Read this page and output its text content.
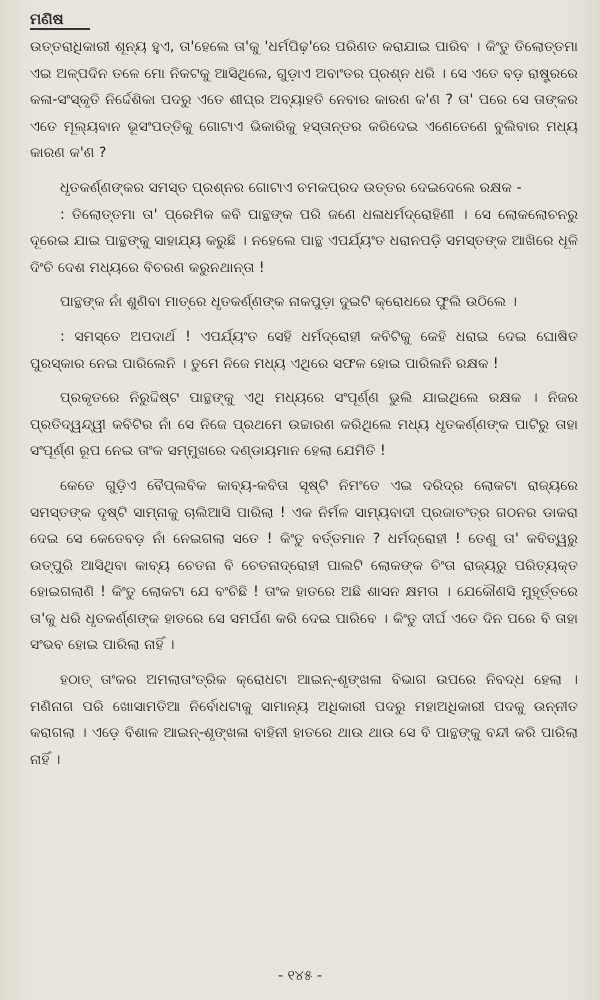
ମଣିଷ

ଉତ୍ତରାଧିକାରୀ ଶୂନ୍ୟ ହୁଏ, ତା'ହେଲେ ତା'କୁ 'ଧର୍ମପିଢ଼'ରେ ପରିଣତ କରାଯାଇ ପାରିବ । କିଂତୁ ତିଲୋତ୍ତମା ଏଇ ଅଳ୍ପଦିନ ତଳେ ମୋ ନିକଟକୁ ଆସିଥିଲେ, ଗୁଡ଼ାଏ ଅବାଂତର ପ୍ରଶ୍ନ ଧରି । ସେ ଏତେ ବଡ଼ ରାଷ୍ଟ୍ରରେ କଳା-ସଂସ୍କୃତି ନିର୍ଦ୍ଦେଶିକା ପଦରୁ ଏତେ ଶୀଘ୍ର ଅବ୍ୟାହତି ନେବାର କାରଣ କ'ଣ ? ତା' ପରେ ସେ ତାଙ୍କର ଏତେ ମୂଲ୍ୟବାନ ଭୂସଂପତ୍ତିକୁ ଗୋଟାଏ ଭିକାରିକୁ ହସ୍ତାନ୍ତର କରିଦେଇ ଏଣେତେଣେ ବୁଲିବାର ମଧ୍ୟ କାରଣ କ'ଣ ?

ଧୃତକର୍ଣ୍ଣଙ୍କର ସମସ୍ତ ପ୍ରଶ୍ନର ଗୋଟାଏ ଚମକପ୍ରଦ ଉତ୍ତର ଦେଇଦେଲେ ରକ୍ଷକ -

: ତିଲୋତ୍ତମା ତା' ପ୍ରେମିକ କବି ପାନ୍ଥଙ୍କ ପରି ଜଣେ ଧଳାଧର୍ମଦ୍ରୋହିଣୀ । ସେ ଲୋକଲୋଚନରୁ ଦୂରେଇ ଯାଇ ପାନ୍ଥଙ୍କୁ ସାହାଯ୍ୟ କରୁଛି । ନହେଲେ ପାନ୍ଥ ଏପର୍ଯ୍ୟଂତ ଧରାନପଡ଼ି ସମସ୍ତଙ୍କ ଆଖିରେ ଧୂଳି ଦିଂଚି ଦେଶ ମଧ୍ୟରେ ବିଚରଣ କରୁନଥାନ୍ତା !

ପାନ୍ଥଙ୍କ ନାଁ ଶୁଣିବା ମାତ୍ରେ ଧୃତକର୍ଣ୍ଣଙ୍କ ନାକପୁଡ଼ା ଦୁଇଟି କ୍ରୋଧରେ ଫୁଲି ଉଠିଲେ ।

: ସମସ୍ତେ ଅପଦାର୍ଥ ! ଏପର୍ଯ୍ୟଂତ ସେହି ଧର୍ମଦ୍ରୋହୀ କବିଟିକୁ କେହି ଧରାଇ ଦେଇ ଘୋଷିତ ପୁରସ୍କାର ନେଇ ପାରିଲେନି । ତୁମେ ନିଜେ ମଧ୍ୟ ଏଥିରେ ସଫଳ ହୋଇ ପାରିଲନି ରକ୍ଷକ !

ପ୍ରକୃତରେ ନିରୁଦ୍ଦିଷ୍ଟ ପାନ୍ଥଙ୍କୁ ଏଥି ମଧ୍ୟରେ ସଂପୂର୍ଣ୍ଣ ଭୁଲି ଯାଇଥିଲେ ରକ୍ଷକ । ନିଜର ପ୍ରତିଦ୍ୱନ୍ଦ୍ୱୀ କବିଟିର ନାଁ ସେ ନିଜେ ପ୍ରଥମେ ଉଚ୍ଚାରଣ କରିଥିଲେ ମଧ୍ୟ ଧୃତକର୍ଣ୍ଣଙ୍କ ପାଟିରୁ ତାହା ସଂପୂର୍ଣ୍ଣ ରୂପ ନେଇ ତାଂକ ସମ୍ମୁଖରେ ଦଣ୍ଡାୟମାନ ହେଲା ଯେମିତି !

କେତେ ଗୁଡ଼ିଏ ବୈପ୍ଲବିକ କାବ୍ୟ-କବିତା ସୃଷ୍ଟି ନିମଂତେ ଏଇ ଦରିଦ୍ର ଲୋକଟା ରାଜ୍ୟରେ ସମସ୍ତଙ୍କ ଦୃଷ୍ଟି ସାମ୍ନାକୁ ଚାଲିଆସି ପାରିଲା ! ଏକ ନିର୍ମଳ ସାମ୍ୟବାଦୀ ପ୍ରଜାତଂତ୍ର ଗଠନର ଡାକରା ଦେଇ ସେ କେତେବଡ଼ ନାଁ ନେଇଗଲା ସତେ ! କିଂତୁ ବର୍ତ୍ତମାନ ? ଧର୍ମଦ୍ରୋହୀ ! ତେଣୁ ତା' କବିତ୍ୱରୁ ଉତ୍ପୁରି ଆସିଥିବା କାବ୍ୟ ଚେତନା ବି ଚେତନାଦ୍ରୋହୀ ପାଲଟି ଲୋକଙ୍କ ଚିଂତା ରାଜ୍ୟରୁ ପରିତ୍ୟକ୍ତ ହୋଇଗଲାଣି ! କିଂତୁ ଲୋକଟା ଯେ ବଂଚିଛି ! ତାଂକ ହାତରେ ଅଛି ଶାସନ କ୍ଷମତା । ଯେକୌଣସି ମୁହୂର୍ତ୍ତରେ ତା'କୁ ଧରି ଧୃତକର୍ଣ୍ଣଙ୍କ ହାତରେ ସେ ସମର୍ପଣ କରି ଦେଇ ପାରିବେ । କିଂତୁ ଦୀର୍ଘ ଏତେ ଦିନ ପରେ ବି ତାହା ସଂଭବ ହୋଇ ପାରିଲା ନାହିଁ ।

ହଠାତ୍ ତାଂକର ଅମଲାତାଂତ୍ରିକ କ୍ରୋଧଟା ଆଇନ୍-ଶୃଙ୍ଖଳା ବିଭାଗ ଉପରେ ନିବଦ୍ଧ ହେଲା । ମଣିନାଗ ପରି ଖୋସାମତିଆ ନିର୍ବୋଧଟାକୁ ସାମାନ୍ୟ ଅଧିକାରୀ ପଦରୁ ମହାଅଧିକାରୀ ପଦକୁ ଉନ୍ନୀତ କରାଗଲା । ଏଡ଼େ ବିଶାଳ ଆଇନ୍-ଶୃଙ୍ଖଳା ବାହିନୀ ହାତରେ ଥାଉ ଥାଉ ସେ ବି ପାନ୍ଥଙ୍କୁ ବନ୍ଦୀ କରି ପାରିଲା ନାହିଁ ।

- ୧୪୫ -
